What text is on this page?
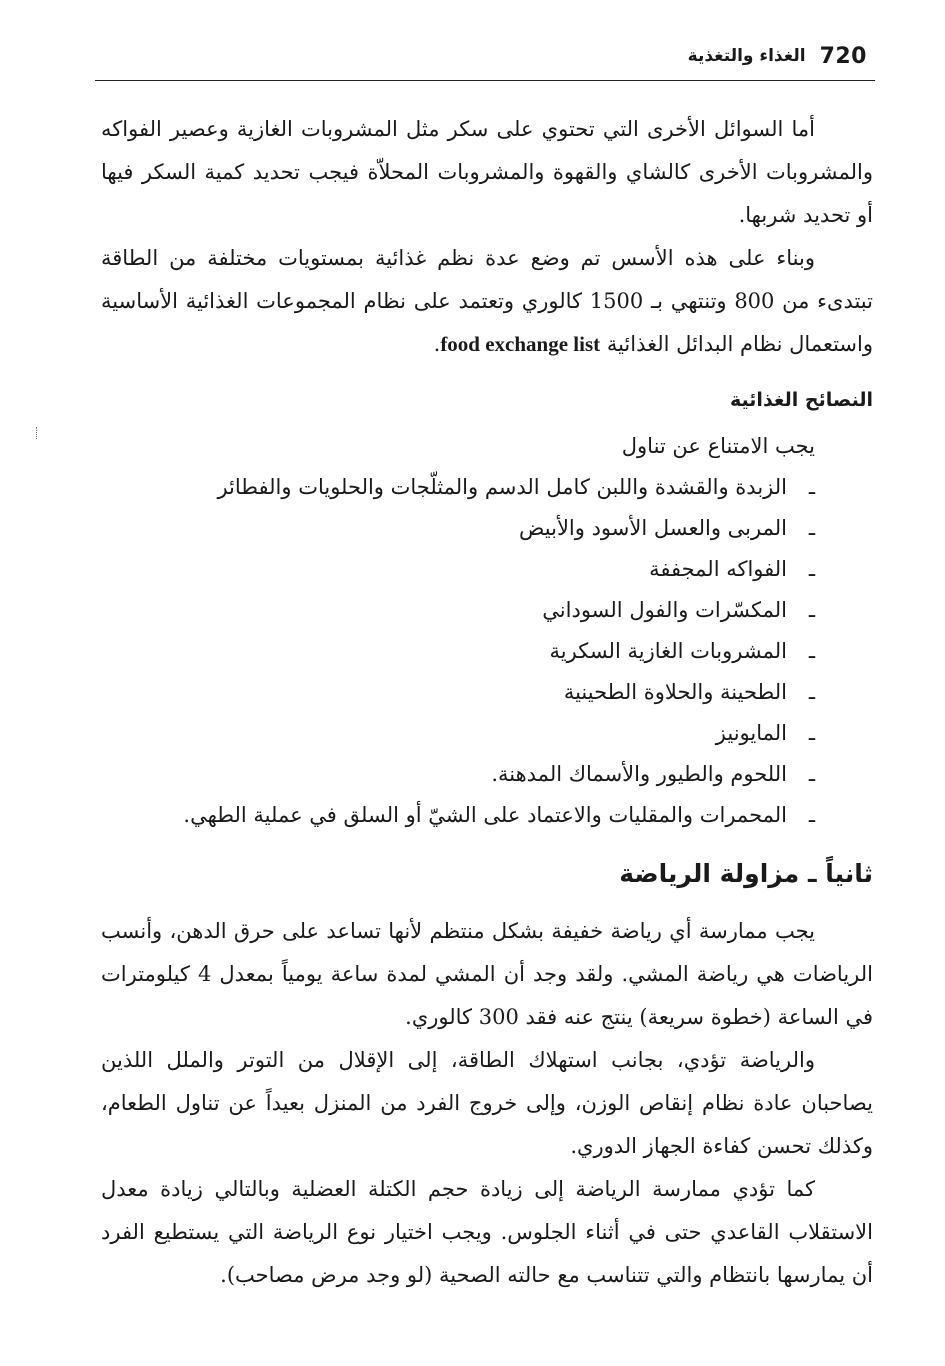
720
الغذاء والتغذية

أما السوائل الأخرى التي تحتوي على سكر مثل المشروبات الغازية وعصير الفواكه والمشروبات الأخرى كالشاي والقهوة والمشروبات المحلاّة فيجب تحديد كمية السكر فيها أو تحديد شربها.

وبناء على هذه الأسس تم وضع عدة نظم غذائية بمستويات مختلفة من الطاقة تبتدىء من 800 وتنتهي بـ 1500 كالوري وتعتمد على نظام المجموعات الغذائية الأساسية واستعمال نظام البدائل الغذائية food exchange list.

النصائح الغذائية

يجب الامتناع عن تناول

ـالزبدة والقشدة واللبن كامل الدسم والمثلّجات والحلويات والفطائر
ـالمربى والعسل الأسود والأبيض
ـالفواكه المجففة
ـالمكسّرات والفول السوداني
ـالمشروبات الغازية السكرية
ـالطحينة والحلاوة الطحينية
ـالمايونيز
ـاللحوم والطيور والأسماك المدهنة.
ـالمحمرات والمقليات والاعتماد على الشيّ أو السلق في عملية الطهي.
ثانياً ـ مزاولة الرياضة

يجب ممارسة أي رياضة خفيفة بشكل منتظم لأنها تساعد على حرق الدهن، وأنسب الرياضات هي رياضة المشي. ولقد وجد أن المشي لمدة ساعة يومياً بمعدل 4 كيلومترات في الساعة (خطوة سريعة) ينتج عنه فقد 300 كالوري.

والرياضة تؤدي، بجانب استهلاك الطاقة، إلى الإقلال من التوتر والملل اللذين يصاحبان عادة نظام إنقاص الوزن، وإلى خروج الفرد من المنزل بعيداً عن تناول الطعام، وكذلك تحسن كفاءة الجهاز الدوري.

كما تؤدي ممارسة الرياضة إلى زيادة حجم الكتلة العضلية وبالتالي زيادة معدل الاستقلاب القاعدي حتى في أثناء الجلوس. ويجب اختيار نوع الرياضة التي يستطيع الفرد أن يمارسها بانتظام والتي تتناسب مع حالته الصحية (لو وجد مرض مصاحب).
